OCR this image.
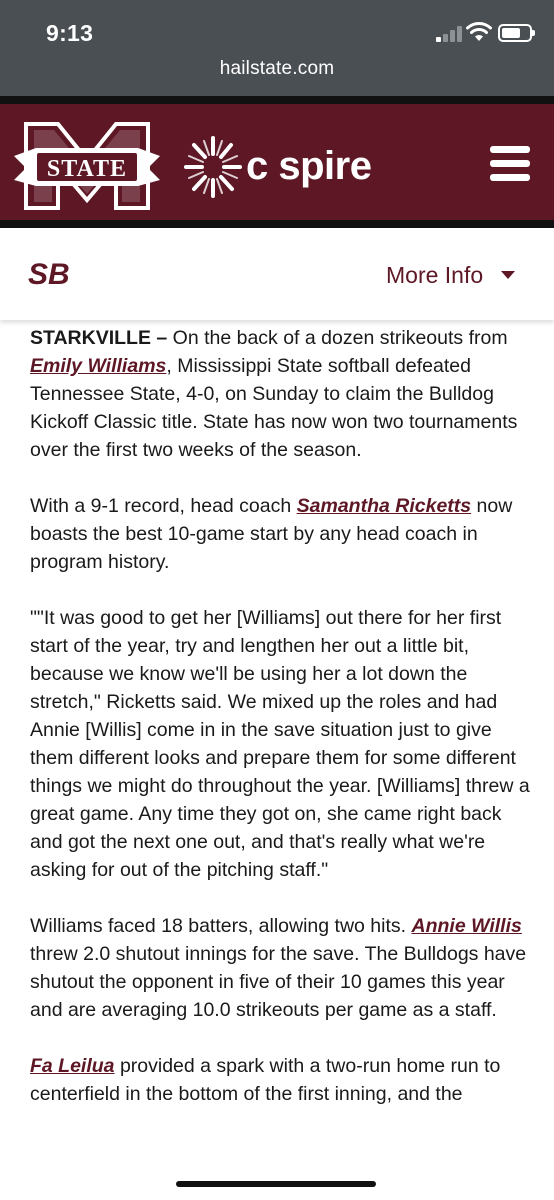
9:13
hailstate.com
STATE	c spire
SB	More Info

STARKVILLE – On the back of a dozen strikeouts from Emily Williams, Mississippi State softball defeated Tennessee State, 4-0, on Sunday to claim the Bulldog Kickoff Classic title. State has now won two tournaments over the first two weeks of the season.

With a 9-1 record, head coach Samantha Ricketts now boasts the best 10-game start by any head coach in program history.

""It was good to get her [Williams] out there for her first start of the year, try and lengthen her out a little bit, because we know we'll be using her a lot down the stretch," Ricketts said. We mixed up the roles and had Annie [Willis] come in in the save situation just to give them different looks and prepare them for some different things we might do throughout the year. [Williams] threw a great game. Any time they got on, she came right back and got the next one out, and that's really what we're asking for out of the pitching staff."

Williams faced 18 batters, allowing two hits. Annie Willis threw 2.0 shutout innings for the save. The Bulldogs have shutout the opponent in five of their 10 games this year and are averaging 10.0 strikeouts per game as a staff.

Fa Leilua provided a spark with a two-run home run to centerfield in the bottom of the first inning, and the
